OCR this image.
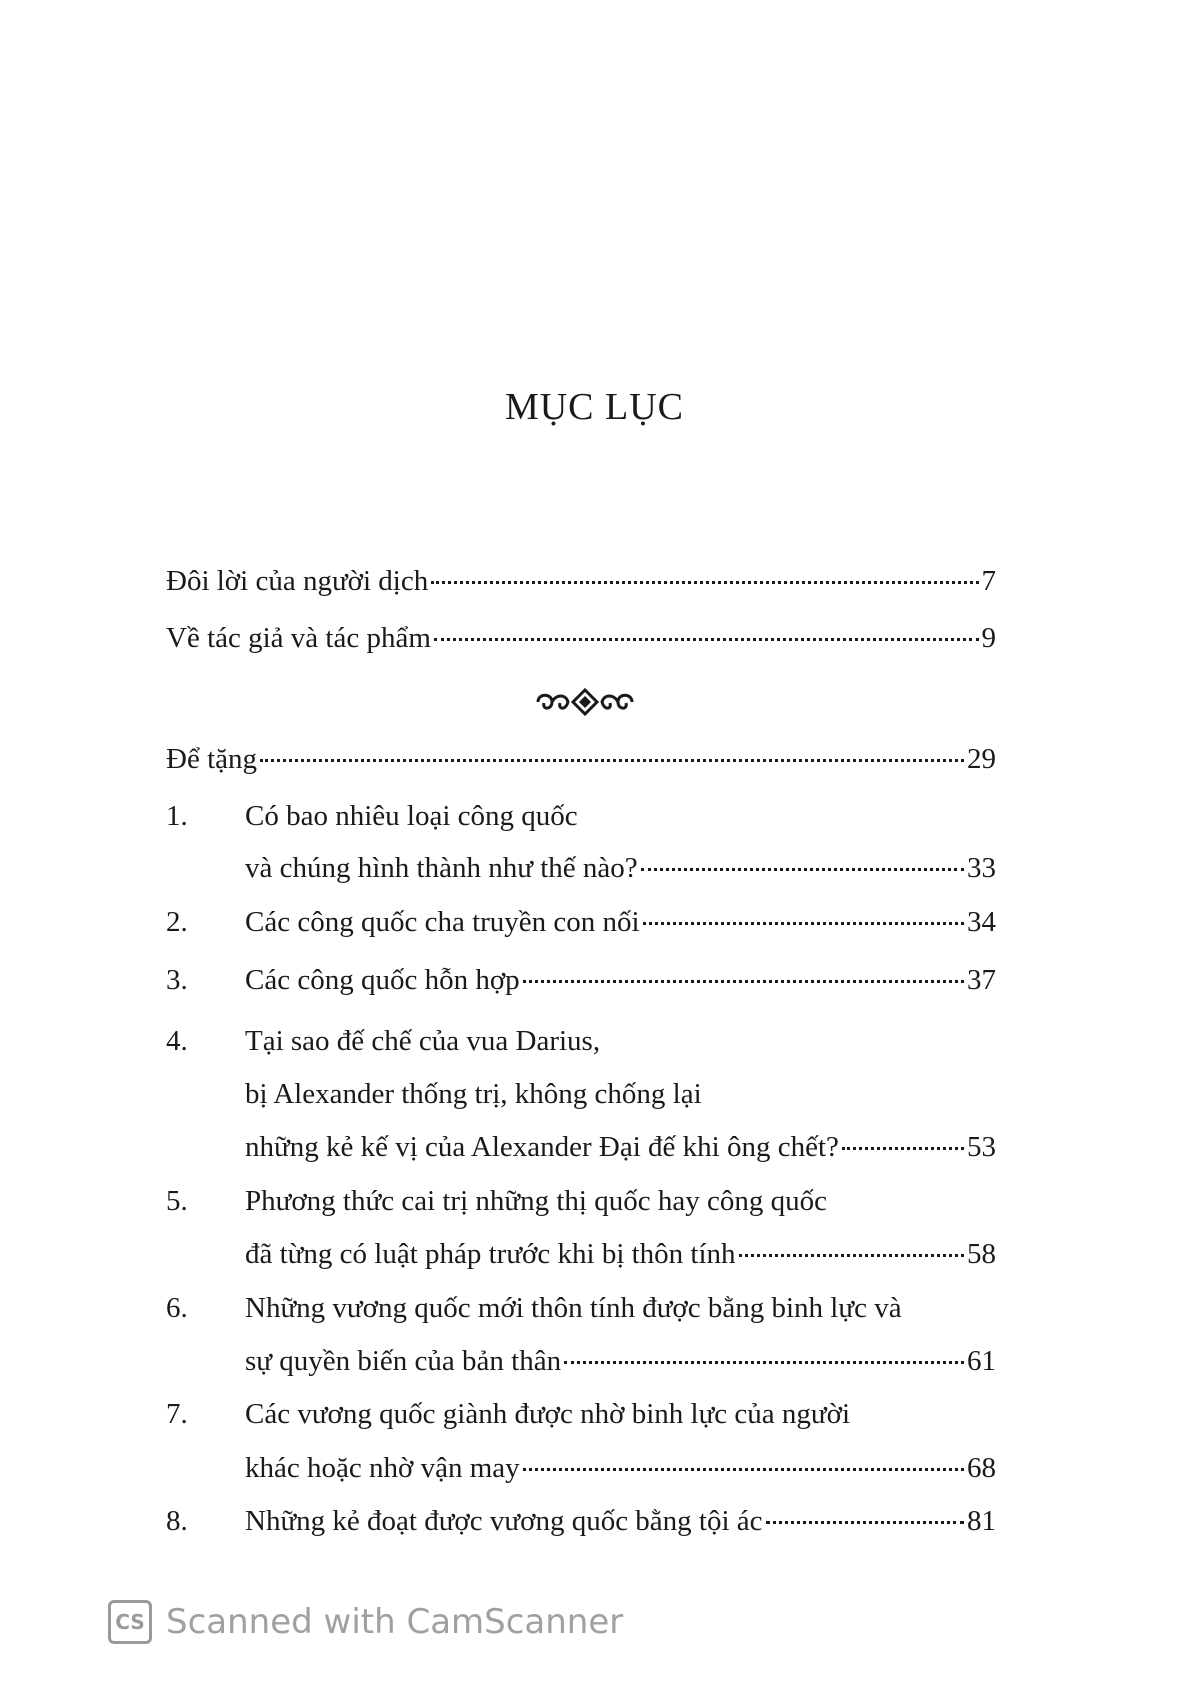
MỤC LỤC
Đôi lời của người dịch	7
Về tác giả và tác phẩm	9
Để tặng	29
1. Có bao nhiêu loại công quốc
và chúng hình thành như thế nào?	33
2. Các công quốc cha truyền con nối	34
3. Các công quốc hỗn hợp	37
4. Tại sao đế chế của vua Darius,
bị Alexander thống trị, không chống lại
những kẻ kế vị của Alexander Đại đế khi ông chết?	53
5. Phương thức cai trị những thị quốc hay công quốc
đã từng có luật pháp trước khi bị thôn tính	58
6. Những vương quốc mới thôn tính được bằng binh lực và
sự quyền biến của bản thân	61
7. Các vương quốc giành được nhờ binh lực của người
khác hoặc nhờ vận may	68
8. Những kẻ đoạt được vương quốc bằng tội ác	81
CS Scanned with CamScanner
